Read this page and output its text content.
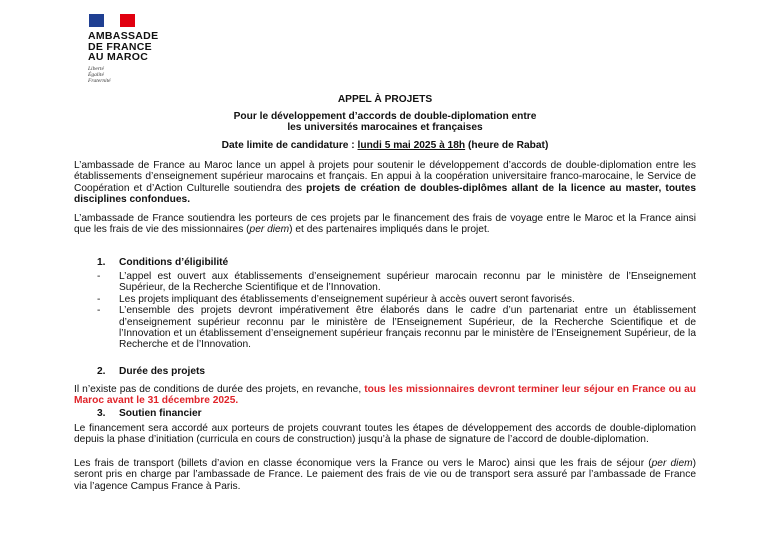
AMBASSADE
DE FRANCE
AU MAROC
Liberté
Égalité
Fraternité
APPEL À PROJETS
Pour le développement d’accords de double-diplomation entre
les universités marocaines et françaises
Date limite de candidature : lundi 5 mai 2025 à 18h (heure de Rabat)
L’ambassade de France au Maroc lance un appel à projets pour soutenir le développement d’accords de double-diplomation entre les établissements d’enseignement supérieur marocains et français. En appui à la coopération universitaire franco-marocaine, le Service de Coopération et d’Action Culturelle soutiendra des projets de création de doubles-diplômes allant de la licence au master, toutes disciplines confondues.
L’ambassade de France soutiendra les porteurs de ces projets par le financement des frais de voyage entre le Maroc et la France ainsi que les frais de vie des missionnaires (per diem) et des partenaires impliqués dans le projet.
1. Conditions d’éligibilité
-	L’appel est ouvert aux établissements d’enseignement supérieur marocain reconnu par le ministère de l’Enseignement Supérieur, de la Recherche Scientifique et de l’Innovation.
-	Les projets impliquant des établissements d’enseignement supérieur à accès ouvert seront favorisés.
-	L’ensemble des projets devront impérativement être élaborés dans le cadre d’un partenariat entre un établissement d’enseignement supérieur reconnu par le ministère de l’Enseignement Supérieur, de la Recherche Scientifique et de l’Innovation et un établissement d’enseignement supérieur français reconnu par le ministère de l’Enseignement Supérieur, de la Recherche et de l’Innovation.
2. Durée des projets
Il n’existe pas de conditions de durée des projets, en revanche, tous les missionnaires devront terminer leur séjour en France ou au Maroc avant le 31 décembre 2025.
3. Soutien financier
Le financement sera accordé aux porteurs de projets couvrant toutes les étapes de développement des accords de double-diplomation depuis la phase d’initiation (curricula en cours de construction) jusqu’à la phase de signature de l’accord de double-diplomation.
Les frais de transport (billets d’avion en classe économique vers la France ou vers le Maroc) ainsi que les frais de séjour (per diem) seront pris en charge par l’ambassade de France. Le paiement des frais de vie ou de transport sera assuré par l’ambassade de France via l’agence Campus France à Paris.
